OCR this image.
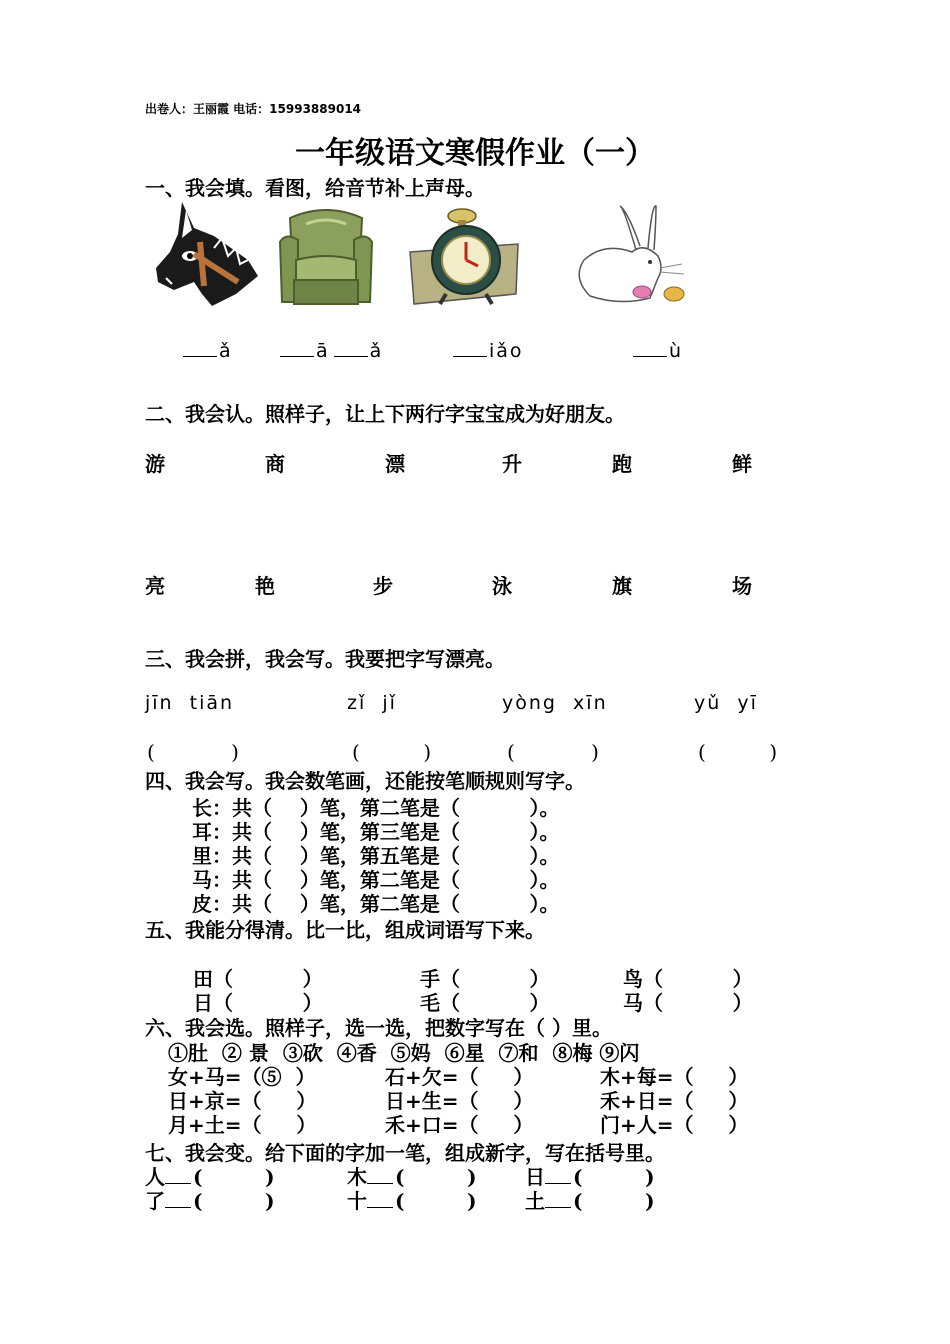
出卷人：王丽霞 电话：15993889014
一年级语文寒假作业（一）
一、我会填。看图，给音节补上声母。
ǎ	ā ǎ	iǎo	ù
二、我会认。照样子，让上下两行字宝宝成为好朋友。
游	商	漂	升	跑	鲜
亮	艳	步	泳	旗	场
三、我会拼，我会写。我要把字写漂亮。
jīn  tiān	zǐ  jǐ	yòng  xīn	yǔ  yī
(            )	(          )	(            )	(          )
四、我会写。我会数笔画，还能按笔顺规则写字。
长：共（    ）笔，第二笔是（          ）。
耳：共（    ）笔，第三笔是（          ）。
里：共（    ）笔，第五笔是（          ）。
马：共（    ）笔，第二笔是（          ）。
皮：共（    ）笔，第二笔是（          ）。
五、我能分得清。比一比，组成词语写下来。
田（          ）	手（          ）	鸟（          ）
日（          ）	毛（          ）	马（          ）
六、我会选。照样子，选一选，把数字写在（ ）里。
①肚  ② 景  ③砍  ④香  ⑤妈  ⑥星  ⑦和  ⑧梅 ⑨闪
女+马=（⑤  ）	石+欠=（     ）	木+每=（     ）
日+京=（     ）	日+生=（     ）	禾+日=（     ）
月+土=（     ）	禾+口=（     ）	门+人=（     ）
七、我会变。给下面的字加一笔，组成新字，写在括号里。
人 (         )	木 (         ) 日 (         )
了 (         )	十 (         ) 土 (         )
